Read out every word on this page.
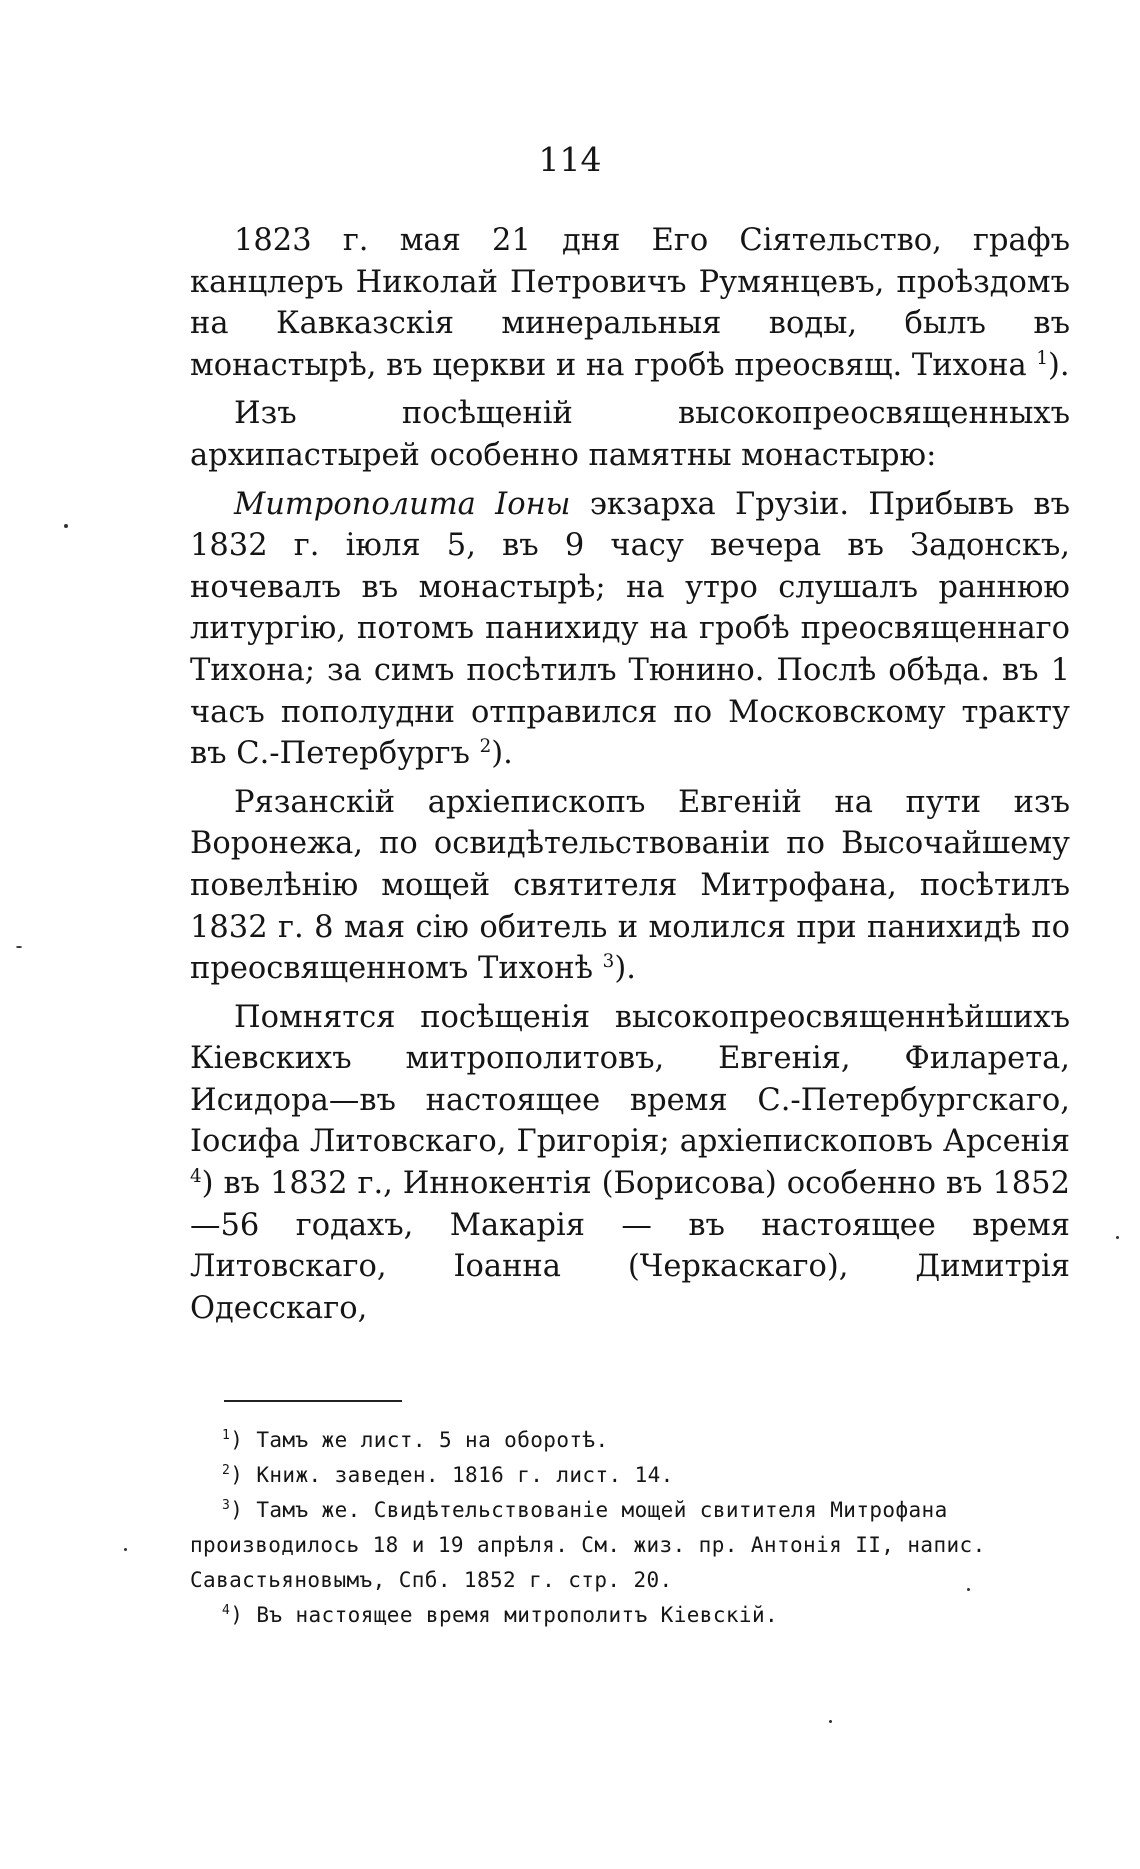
114

1823 г. мая 21 дня Его Сіятельство, графъ канцлеръ Николай Петровичъ Румянцевъ, проѣздомъ на Кавказскія минеральныя воды, былъ въ монастырѣ, въ церкви и на гробѣ преосвящ. Тихона $^1$).

Изъ посѣщеній высокопреосвященныхъ архипастырей особенно памятны монастырю:

Митрополита Іоны экзарха Грузіи. Прибывъ въ 1832 г. іюля 5, въ 9 часу вечера въ Задонскъ, ночевалъ въ монастырѣ; на утро слушалъ раннюю литургію, потомъ панихиду на гробѣ преосвященнаго Тихона; за симъ посѣтилъ Тюнино. Послѣ обѣда. въ 1 часъ пополудни отправился по Московскому тракту въ С.-Петербургъ $^2$).

Рязанскій архіепископъ Евгеній на пути изъ Воронежа, по освидѣтельствованіи по Высочайшему повелѣнію мощей святителя Митрофана, посѣтилъ 1832 г. 8 мая сію обитель и молился при панихидѣ по преосвященномъ Тихонѣ $^3$).

Помнятся посѣщенія высокопреосвященнѣйшихъ Кіевскихъ митрополитовъ, Евгенія, Филарета, Исидора—въ настоящее время С.-Петербургскаго, Іосифа Литовскаго, Григорія; архіепископовъ Арсенія $^4$) въ 1832 г., Иннокентія (Борисова) особенно въ 1852—56 годахъ, Макарія — въ настоящее время Литовскаго, Іоанна (Черкаскаго), Димитрія Одесскаго,

$^1$) Тамъ же лист. 5 на оборотѣ.

$^2$) Книж. заведен. 1816 г. лист. 14.

$^3$) Тамъ же. Свидѣтельствованіе мощей свитителя Митрофана производилось 18 и 19 апрѣля. См. жиз. пр. Антонія II, напис. Савастьяновымъ, Спб. 1852 г. стр. 20.

$^4$) Въ настоящее время митрополитъ Кіевскій.
